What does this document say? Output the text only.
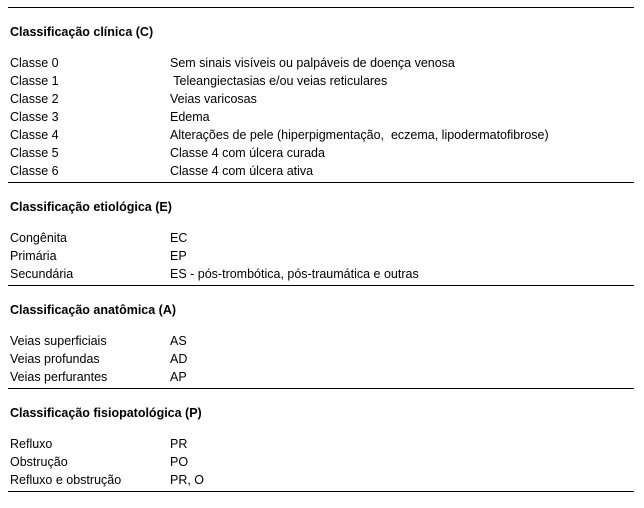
Classificação clínica (C)
Classe 0	Sem sinais visíveis ou palpáveis de doença venosa
Classe 1	Teleangiectasias e/ou veias reticulares
Classe 2	Veias varicosas
Classe 3	Edema
Classe 4	Alterações de pele (hiperpigmentação,  eczema, lipodermatofibrose)
Classe 5	Classe 4 com úlcera curada
Classe 6	Classe 4 com úlcera ativa
Classificação etiológica (E)
Congênita	EC
Primária	EP
Secundária	ES - pós-trombótica, pós-traumática e outras
Classificação anatômica (A)
Veias superficiais	AS
Veias profundas	AD
Veias perfurantes	AP
Classificação fisiopatológica (P)
Refluxo	PR
Obstrução	PO
Refluxo e obstrução	PR, O
